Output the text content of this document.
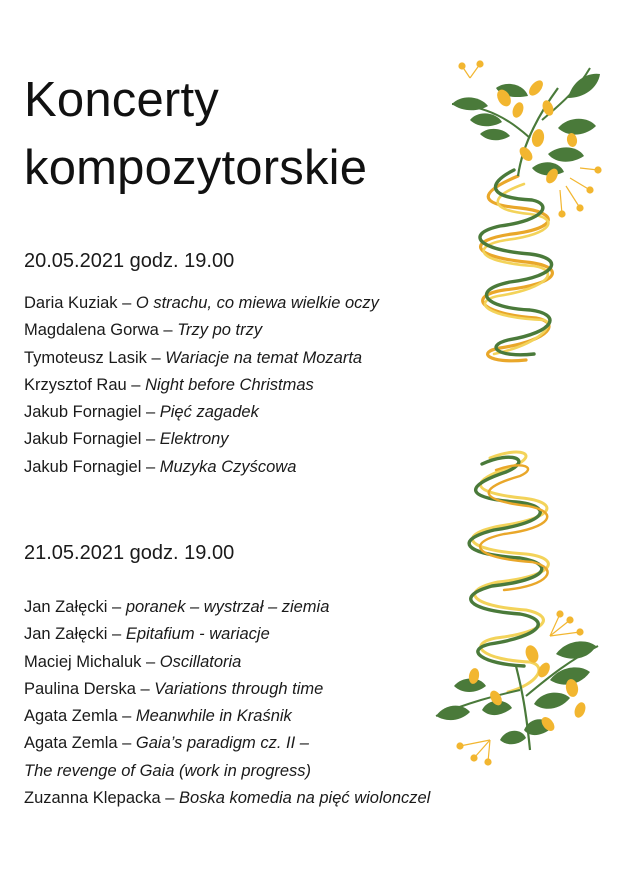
Koncerty
kompozytorskie

20.05.2021 godz. 19.00

Daria Kuziak – O strachu, co miewa wielkie oczy
Magdalena Gorwa – Trzy po trzy
Tymoteusz Lasik – Wariacje na temat Mozarta
Krzysztof Rau – Night before Christmas
Jakub Fornagiel – Pięć zagadek
Jakub Fornagiel – Elektrony
Jakub Fornagiel – Muzyka Czyścowa

21.05.2021 godz. 19.00

Jan Załęcki – poranek – wystrzał – ziemia
Jan Załęcki – Epitafium - wariacje
Maciej Michaluk – Oscillatoria
Paulina Derska – Variations through time
Agata Zemla – Meanwhile in Kraśnik
Agata Zemla – Gaia’s paradigm cz. II –
The revenge of Gaia (work in progress)
Zuzanna Klepacka – Boska komedia na pięć wiolonczel
